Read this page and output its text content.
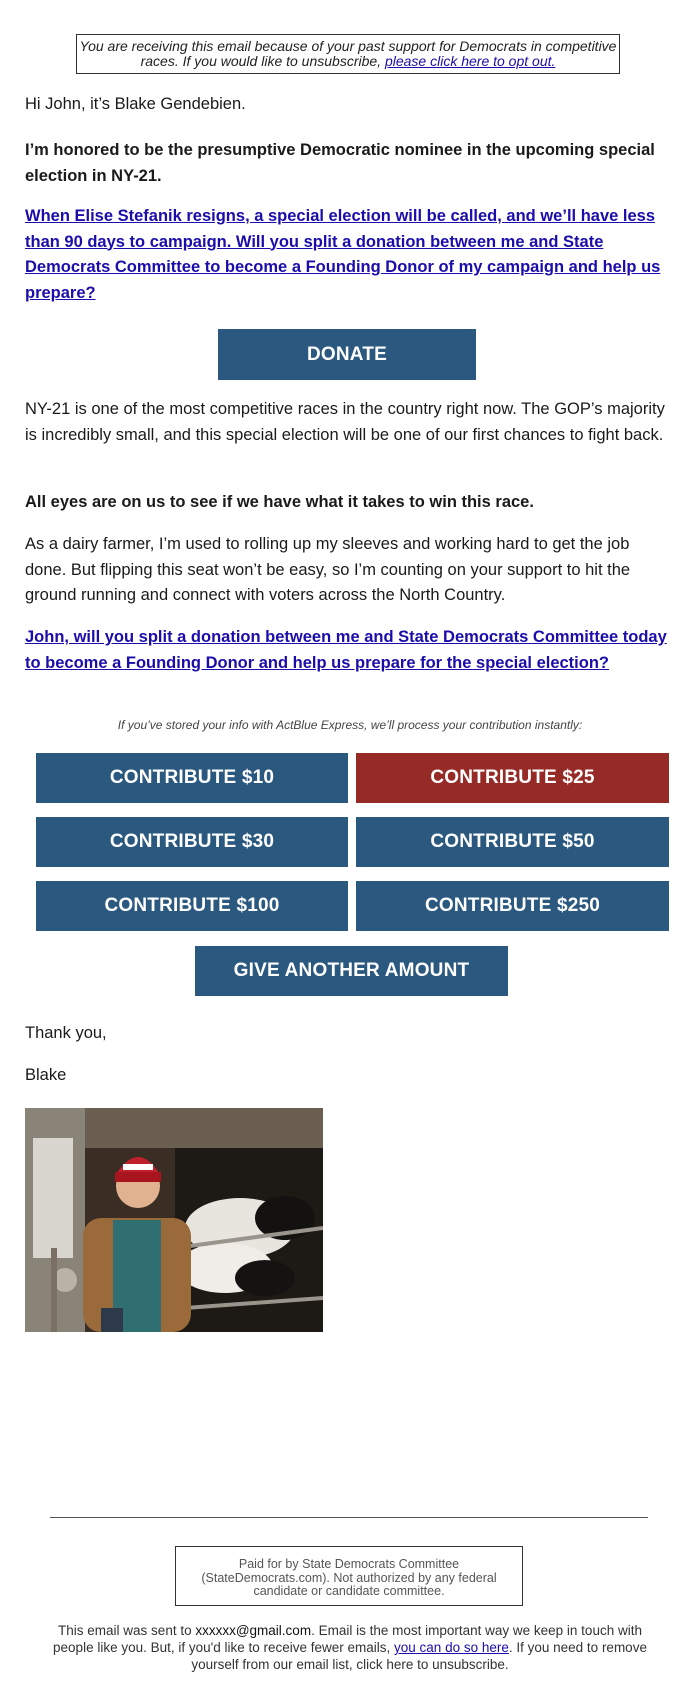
You are receiving this email because of your past support for Democrats in competitive races. If you would like to unsubscribe, please click here to opt out.

Hi John, it’s Blake Gendebien.

I’m honored to be the presumptive Democratic nominee in the upcoming special election in NY-21.

When Elise Stefanik resigns, a special election will be called, and we’ll have less than 90 days to campaign. Will you split a donation between me and State Democrats Committee to become a Founding Donor of my campaign and help us prepare?
DONATE

NY-21 is one of the most competitive races in the country right now. The GOP’s majority is incredibly small, and this special election will be one of our first chances to fight back.

All eyes are on us to see if we have what it takes to win this race.

As a dairy farmer, I’m used to rolling up my sleeves and working hard to get the job done. But flipping this seat won’t be easy, so I’m counting on your support to hit the ground running and connect with voters across the North Country.

John, will you split a donation between me and State Democrats Committee today to become a Founding Donor and help us prepare for the special election?
If you’ve stored your info with ActBlue Express, we’ll process your contribution instantly:
CONTRIBUTE $10	CONTRIBUTE $25
CONTRIBUTE $30	CONTRIBUTE $50
CONTRIBUTE $100	CONTRIBUTE $250
GIVE ANOTHER AMOUNT

Thank you,

Blake

Paid for by State Democrats Committee (StateDemocrats.com). Not authorized by any federal candidate or candidate committee.
This email was sent to xxxxxx@gmail.com. Email is the most important way we keep in touch with people like you. But, if you'd like to receive fewer emails, you can do so here. If you need to remove yourself from our email list, click here to unsubscribe.
